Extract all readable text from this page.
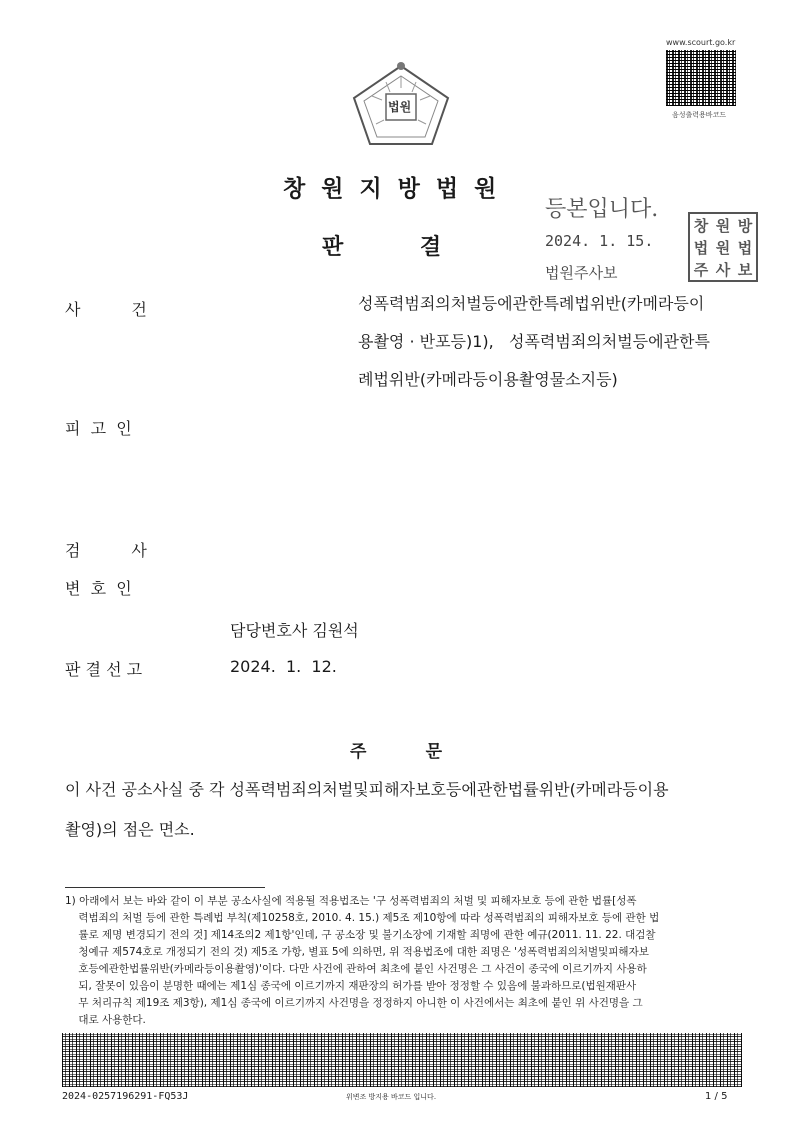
www.scourt.go.kr
음성출력용바코드
법원
창 원 지 방 법 원
판          결
등본입니다.
2024. 1. 15.
법원주사보
창 원 방
법 원 법
주 사 보
사          건	성폭력범죄의처벌등에관한특례법위반(카메라등이
용촬영 · 반포등)1),   성폭력범죄의처벌등에관한특
례법위반(카메라등이용촬영물소지등)
피  고  인
검          사
변  호  인
담당변호사 김원석
판 결 선 고	2024.  1.  12.
주          문
이 사건 공소사실 중 각 성폭력범죄의처벌및피해자보호등에관한법률위반(카메라등이용
촬영)의 점은 면소.
1) 아래에서 보는 바와 같이 이 부분 공소사실에 적용될 적용법조는 '구 성폭력범죄의 처벌 및 피해자보호 등에 관한 법률[성폭
력범죄의 처벌 등에 관한 특례법 부칙(제10258호, 2010. 4. 15.) 제5조 제10항에 따라 성폭력범죄의 피해자보호 등에 관한 법
률로 제명 변경되기 전의 것] 제14조의2 제1항'인데, 구 공소장 및 불기소장에 기재할 죄명에 관한 예규(2011. 11. 22. 대검찰
청예규 제574호로 개정되기 전의 것) 제5조 가항, 별표 5에 의하면, 위 적용법조에 대한 죄명은 '성폭력범죄의처벌및피해자보
호등에관한법률위반(카메라등이용촬영)'이다. 다만 사건에 관하여 최초에 붙인 사건명은 그 사건이 종국에 이르기까지 사용하
되, 잘못이 있음이 분명한 때에는 제1심 종국에 이르기까지 재판장의 허가를 받아 정정할 수 있음에 불과하므로(법원재판사
무 처리규칙 제19조 제3항), 제1심 종국에 이르기까지 사건명을 정정하지 아니한 이 사건에서는 최초에 붙인 위 사건명을 그
대로 사용한다.
2024-0257196291-FQ53J	위변조 방지용 바코드 입니다.	1 / 5
